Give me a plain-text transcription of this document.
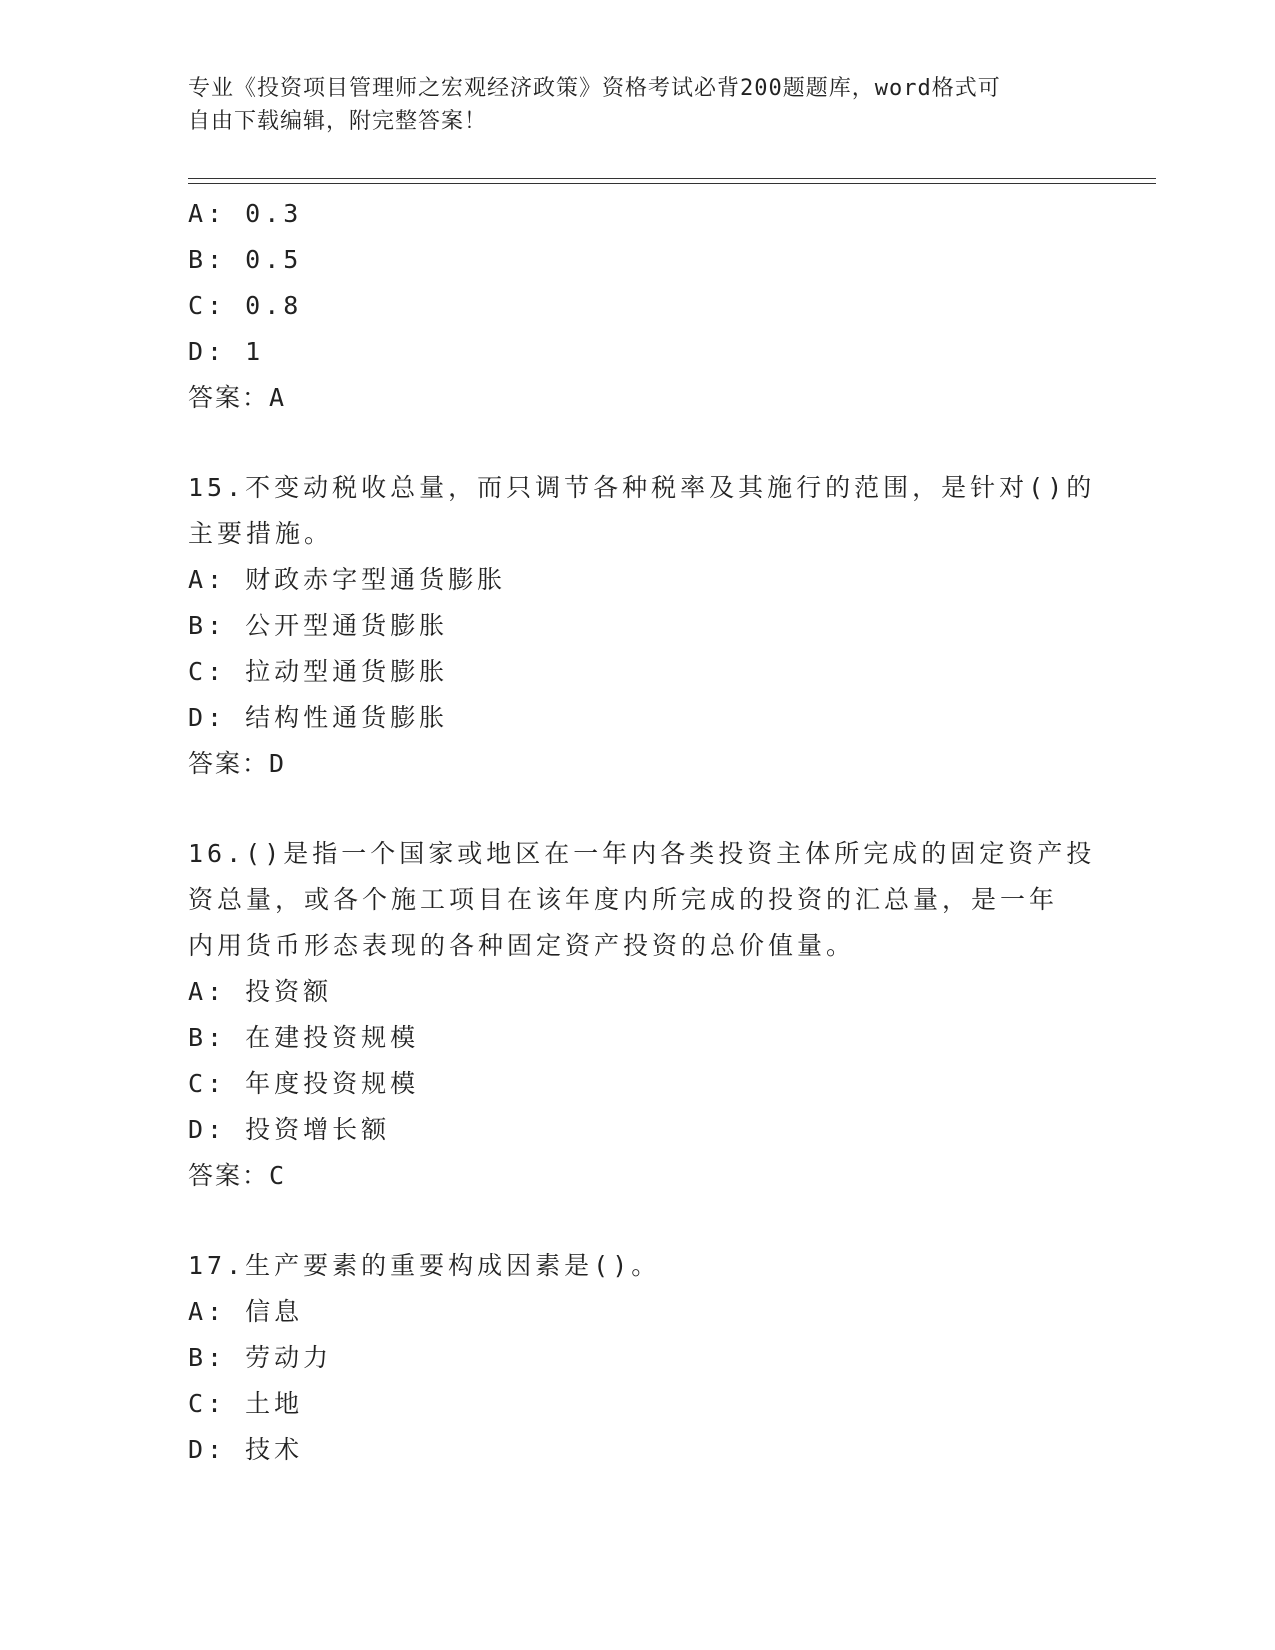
专业《投资项目管理师之宏观经济政策》资格考试必背200题题库，word格式可
自由下载编辑，附完整答案！
A: 0.3
B: 0.5
C: 0.8
D: 1
答案：A
15.不变动税收总量，而只调节各种税率及其施行的范围，是针对()的
主要措施。
A: 财政赤字型通货膨胀
B: 公开型通货膨胀
C: 拉动型通货膨胀
D: 结构性通货膨胀
答案：D
16.()是指一个国家或地区在一年内各类投资主体所完成的固定资产投
资总量，或各个施工项目在该年度内所完成的投资的汇总量，是一年
内用货币形态表现的各种固定资产投资的总价值量。
A: 投资额
B: 在建投资规模
C: 年度投资规模
D: 投资增长额
答案：C
17.生产要素的重要构成因素是()。
A: 信息
B: 劳动力
C: 土地
D: 技术
